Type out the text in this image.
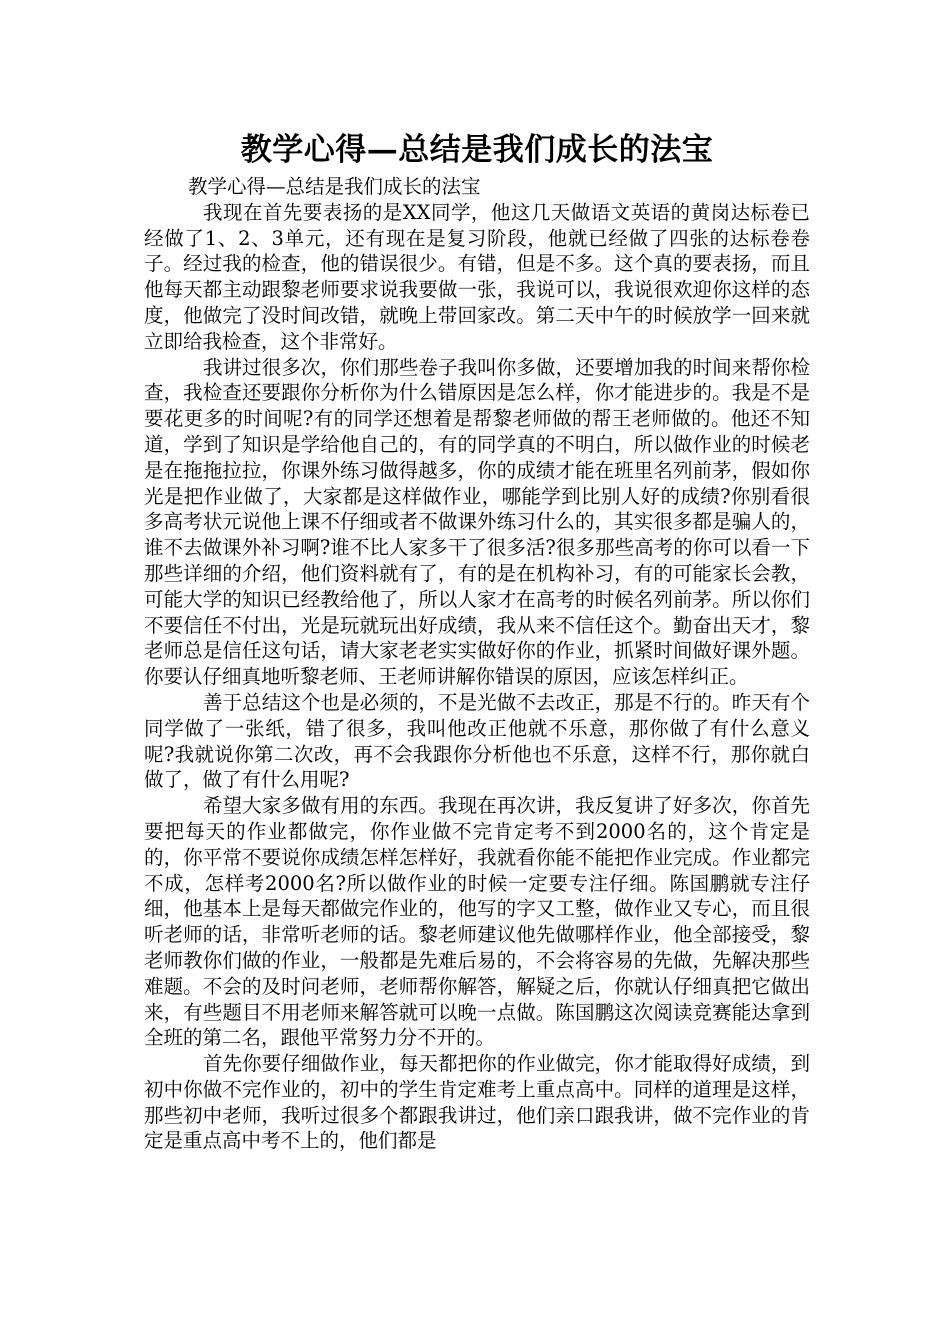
教学心得—总结是我们成长的法宝

教学心得—总结是我们成长的法宝

我现在首先要表扬的是XX同学，他这几天做语文英语的黄岗达标卷已经做了1、2、3单元，还有现在是复习阶段，他就已经做了四张的达标卷卷子。经过我的检查，他的错误很少。有错，但是不多。这个真的要表扬，而且他每天都主动跟黎老师要求说我要做一张，我说可以，我说很欢迎你这样的态度，他做完了没时间改错，就晚上带回家改。第二天中午的时候放学一回来就立即给我检查，这个非常好。

我讲过很多次，你们那些卷子我叫你多做，还要增加我的时间来帮你检查，我检查还要跟你分析你为什么错原因是怎么样，你才能进步的。我是不是要花更多的时间呢?有的同学还想着是帮黎老师做的帮王老师做的。他还不知道，学到了知识是学给他自己的，有的同学真的不明白，所以做作业的时候老是在拖拖拉拉，你课外练习做得越多，你的成绩才能在班里名列前茅，假如你光是把作业做了，大家都是这样做作业，哪能学到比别人好的成绩?你别看很多高考状元说他上课不仔细或者不做课外练习什么的，其实很多都是骗人的，谁不去做课外补习啊?谁不比人家多干了很多活?很多那些高考的你可以看一下那些详细的介绍，他们资料就有了，有的是在机构补习，有的可能家长会教，可能大学的知识已经教给他了，所以人家才在高考的时候名列前茅。所以你们不要信任不付出，光是玩就玩出好成绩，我从来不信任这个。勤奋出天才，黎老师总是信任这句话，请大家老老实实做好你的作业，抓紧时间做好课外题。你要认仔细真地听黎老师、王老师讲解你错误的原因，应该怎样纠正。

善于总结这个也是必须的，不是光做不去改正，那是不行的。昨天有个同学做了一张纸，错了很多，我叫他改正他就不乐意，那你做了有什么意义呢?我就说你第二次改，再不会我跟你分析他也不乐意，这样不行，那你就白做了，做了有什么用呢?

希望大家多做有用的东西。我现在再次讲，我反复讲了好多次，你首先要把每天的作业都做完，你作业做不完肯定考不到2000名的，这个肯定是的，你平常不要说你成绩怎样怎样好，我就看你能不能把作业完成。作业都完不成，怎样考2000名?所以做作业的时候一定要专注仔细。陈国鹏就专注仔细，他基本上是每天都做完作业的，他写的字又工整，做作业又专心，而且很听老师的话，非常听老师的话。黎老师建议他先做哪样作业，他全部接受，黎老师教你们做的作业，一般都是先难后易的，不会将容易的先做，先解决那些难题。不会的及时问老师，老师帮你解答，解疑之后，你就认仔细真把它做出来，有些题目不用老师来解答就可以晚一点做。陈国鹏这次阅读竞赛能达拿到全班的第二名，跟他平常努力分不开的。

首先你要仔细做作业，每天都把你的作业做完，你才能取得好成绩，到初中你做不完作业的，初中的学生肯定难考上重点高中。同样的道理是这样，那些初中老师，我听过很多个都跟我讲过，他们亲口跟我讲，做不完作业的肯定是重点高中考不上的，他们都是
